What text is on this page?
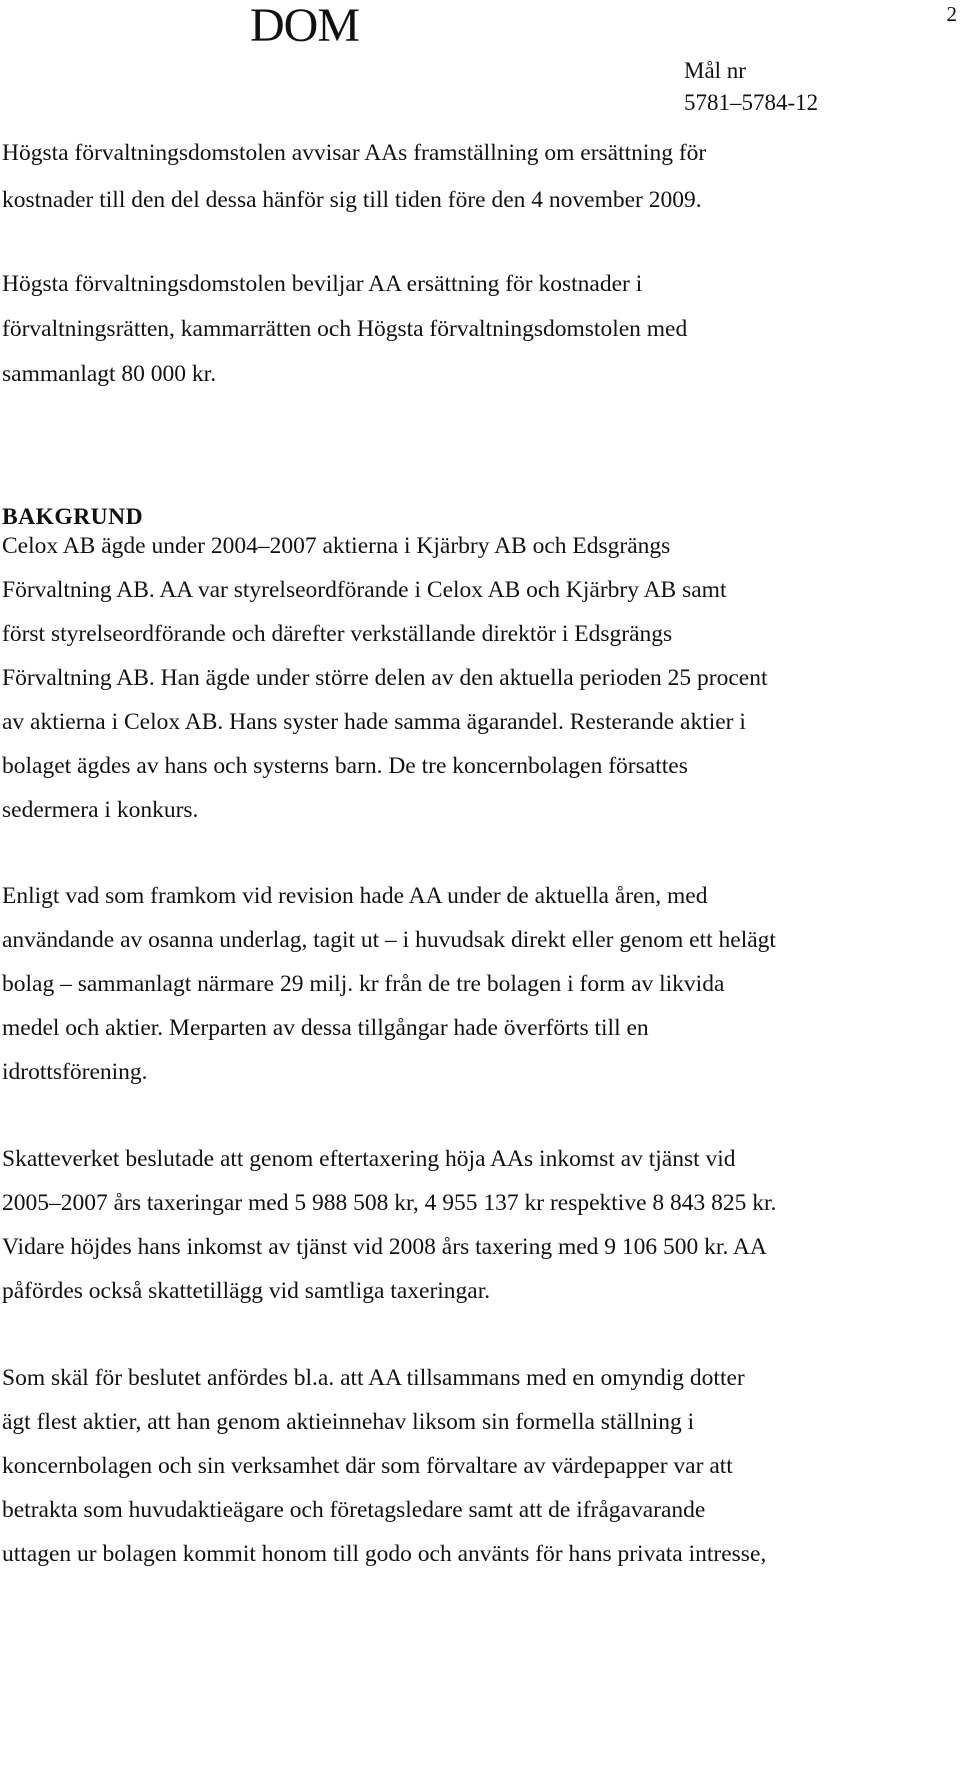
DOM	2
Mål nr
5781–5784-12
Högsta förvaltningsdomstolen avvisar AAs framställning om ersättning för
kostnader till den del dessa hänför sig till tiden före den 4 november 2009.
Högsta förvaltningsdomstolen beviljar AA ersättning för kostnader i
förvaltningsrätten, kammarrätten och Högsta förvaltningsdomstolen med
sammanlagt 80 000 kr.
BAKGRUND
Celox AB ägde under 2004–2007 aktierna i Kjärbry AB och Edsgrängs
Förvaltning AB. AA var styrelseordförande i Celox AB och Kjärbry AB samt
först styrelseordförande och därefter verkställande direktör i Edsgrängs
Förvaltning AB. Han ägde under större delen av den aktuella perioden 25 procent
av aktierna i Celox AB. Hans syster hade samma ägarandel. Resterande aktier i
bolaget ägdes av hans och systerns barn. De tre koncernbolagen försattes
sedermera i konkurs.
Enligt vad som framkom vid revision hade AA under de aktuella åren, med
användande av osanna underlag, tagit ut – i huvudsak direkt eller genom ett helägt
bolag – sammanlagt närmare 29 milj. kr från de tre bolagen i form av likvida
medel och aktier. Merparten av dessa tillgångar hade överförts till en
idrottsförening.
Skatteverket beslutade att genom eftertaxering höja AAs inkomst av tjänst vid
2005–2007 års taxeringar med 5 988 508 kr, 4 955 137 kr respektive 8 843 825 kr.
Vidare höjdes hans inkomst av tjänst vid 2008 års taxering med 9 106 500 kr. AA
påfördes också skattetillägg vid samtliga taxeringar.
Som skäl för beslutet anfördes bl.a. att AA tillsammans med en omyndig dotter
ägt flest aktier, att han genom aktieinnehav liksom sin formella ställning i
koncernbolagen och sin verksamhet där som förvaltare av värdepapper var att
betrakta som huvudaktieägare och företagsledare samt att de ifrågavarande
uttagen ur bolagen kommit honom till godo och använts för hans privata intresse,
